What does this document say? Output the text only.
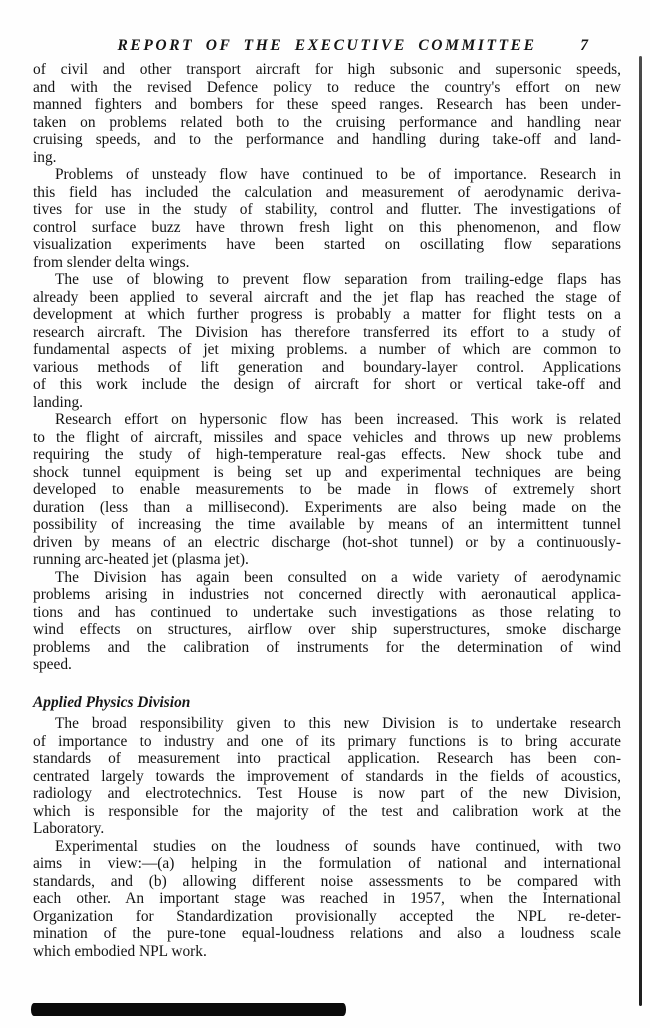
REPORT OF THE EXECUTIVE COMMITTEE	7
of civil and other transport aircraft for high subsonic and supersonic speeds,
and with the revised Defence policy to reduce the country's effort on new
manned fighters and bombers for these speed ranges. Research has been under-
taken on problems related both to the cruising performance and handling near
cruising speeds, and to the performance and handling during take-off and land-
ing.
Problems of unsteady flow have continued to be of importance. Research in
this field has included the calculation and measurement of aerodynamic deriva-
tives for use in the study of stability, control and flutter. The investigations of
control surface buzz have thrown fresh light on this phenomenon, and flow
visualization experiments have been started on oscillating flow separations
from slender delta wings.
The use of blowing to prevent flow separation from trailing-edge flaps has
already been applied to several aircraft and the jet flap has reached the stage of
development at which further progress is probably a matter for flight tests on a
research aircraft. The Division has therefore transferred its effort to a study of
fundamental aspects of jet mixing problems. a number of which are common to
various methods of lift generation and boundary-layer control. Applications
of this work include the design of aircraft for short or vertical take-off and
landing.
Research effort on hypersonic flow has been increased. This work is related
to the flight of aircraft, missiles and space vehicles and throws up new problems
requiring the study of high-temperature real-gas effects. New shock tube and
shock tunnel equipment is being set up and experimental techniques are being
developed to enable measurements to be made in flows of extremely short
duration (less than a millisecond). Experiments are also being made on the
possibility of increasing the time available by means of an intermittent tunnel
driven by means of an electric discharge (hot-shot tunnel) or by a continuously-
running arc-heated jet (plasma jet).
The Division has again been consulted on a wide variety of aerodynamic
problems arising in industries not concerned directly with aeronautical applica-
tions and has continued to undertake such investigations as those relating to
wind effects on structures, airflow over ship superstructures, smoke discharge
problems and the calibration of instruments for the determination of wind
speed.
Applied Physics Division
The broad responsibility given to this new Division is to undertake research
of importance to industry and one of its primary functions is to bring accurate
standards of measurement into practical application. Research has been con-
centrated largely towards the improvement of standards in the fields of acoustics,
radiology and electrotechnics. Test House is now part of the new Division,
which is responsible for the majority of the test and calibration work at the
Laboratory.
Experimental studies on the loudness of sounds have continued, with two
aims in view:—(a) helping in the formulation of national and international
standards, and (b) allowing different noise assessments to be compared with
each other. An important stage was reached in 1957, when the International
Organization for Standardization provisionally accepted the NPL re-deter-
mination of the pure-tone equal-loudness relations and also a loudness scale
which embodied NPL work.
